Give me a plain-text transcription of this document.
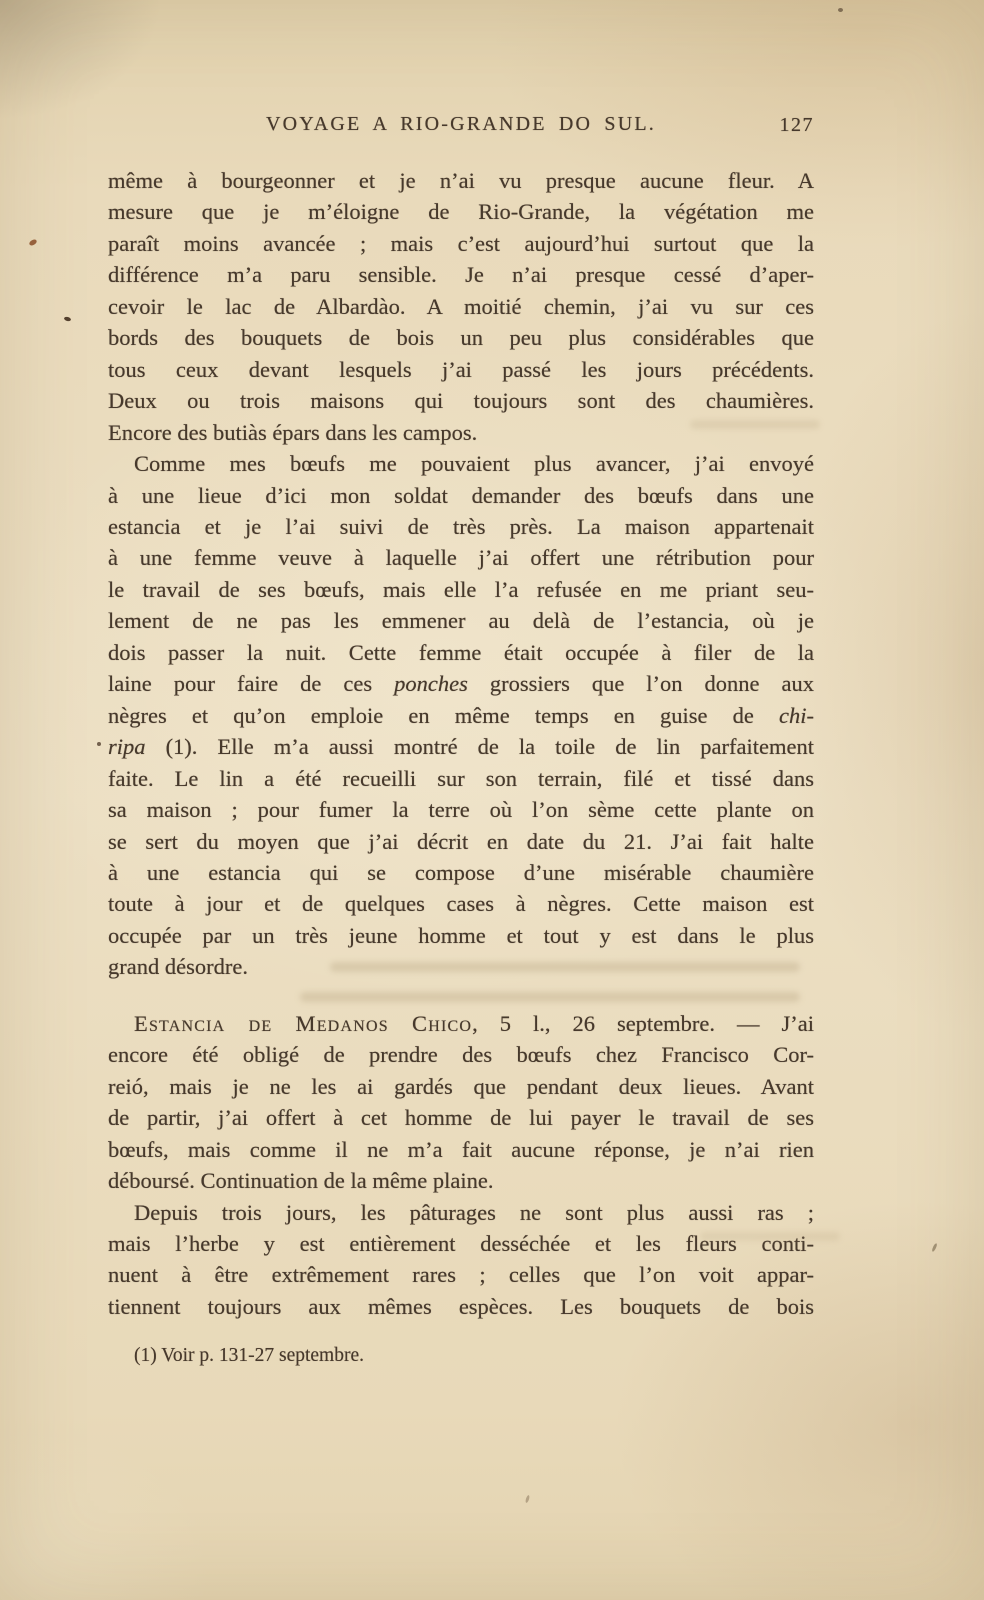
VOYAGE A RIO-GRANDE DO SUL.	127
même à bourgeonner et je n’ai vu presque aucune fleur. A
mesure que je m’éloigne de Rio-Grande, la végétation me
paraît moins avancée ; mais c’est aujourd’hui surtout que la
différence m’a paru sensible. Je n’ai presque cessé d’aper-
cevoir le lac de Albardào. A moitié chemin, j’ai vu sur ces
bords des bouquets de bois un peu plus considérables que
tous ceux devant lesquels j’ai passé les jours précédents.
Deux ou trois maisons qui toujours sont des chaumières.
Encore des butiàs épars dans les campos.
Comme mes bœufs me pouvaient plus avancer, j’ai envoyé
à une lieue d’ici mon soldat demander des bœufs dans une
estancia et je l’ai suivi de très près. La maison appartenait
à une femme veuve à laquelle j’ai offert une rétribution pour
le travail de ses bœufs, mais elle l’a refusée en me priant seu-
lement de ne pas les emmener au delà de l’estancia, où je
dois passer la nuit. Cette femme était occupée à filer de la
laine pour faire de ces ponches grossiers que l’on donne aux
nègres et qu’on emploie en même temps en guise de chi-
ripa (1). Elle m’a aussi montré de la toile de lin parfaitement
faite. Le lin a été recueilli sur son terrain, filé et tissé dans
sa maison ; pour fumer la terre où l’on sème cette plante on
se sert du moyen que j’ai décrit en date du 21. J’ai fait halte
à une estancia qui se compose d’une misérable chaumière
toute à jour et de quelques cases à nègres. Cette maison est
occupée par un très jeune homme et tout y est dans le plus
grand désordre.
Estancia de Medanos Chico, 5 l., 26 septembre. — J’ai
encore été obligé de prendre des bœufs chez Francisco Cor-
reió, mais je ne les ai gardés que pendant deux lieues. Avant
de partir, j’ai offert à cet homme de lui payer le travail de ses
bœufs, mais comme il ne m’a fait aucune réponse, je n’ai rien
déboursé. Continuation de la même plaine.
Depuis trois jours, les pâturages ne sont plus aussi ras ;
mais l’herbe y est entièrement desséchée et les fleurs conti-
nuent à être extrêmement rares ; celles que l’on voit appar-
tiennent toujours aux mêmes espèces. Les bouquets de bois
(1) Voir p. 131-27 septembre.
